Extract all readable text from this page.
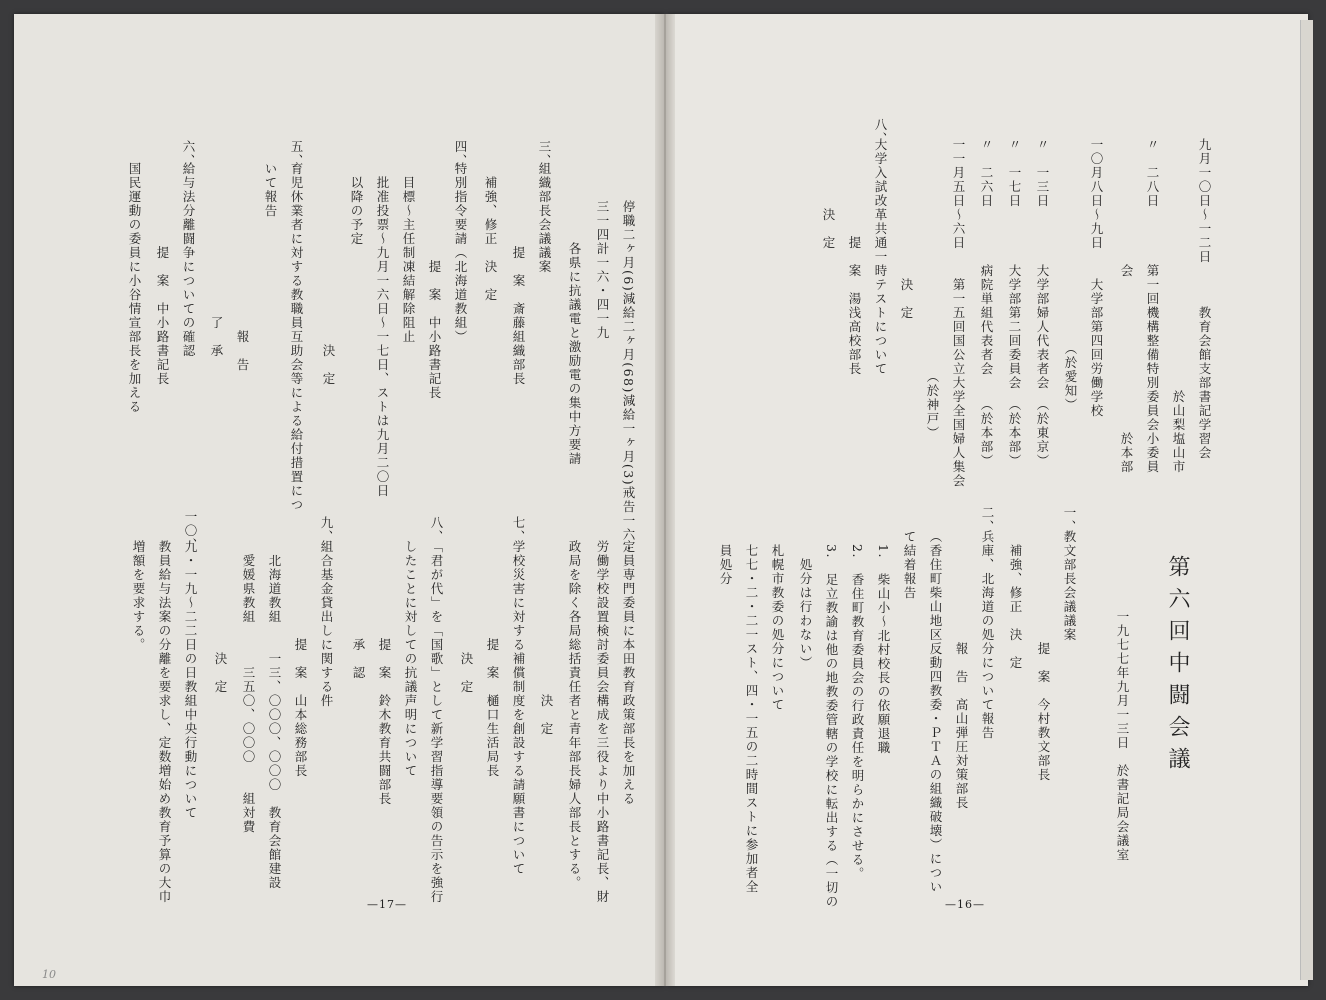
第六回中闘会議
一九七七年九月一三日　於書記局会議室
一、
教文部長会議議案
　　　　　　　　提　案　今村教文部長
　補強、修正　決　定
二、
兵庫、北海道の処分について報告
　　　　　　　　報　告　高山弾圧対策部長
（香住町柴山地区反動四教委・ＰＴＡの組織破壊）につい
て結着報告
　1.　柴山小～北村校長の依願退職
　2.　香住町教育委員会の行政責任を明らかにさせる。
　3.　足立教諭は他の地教委管轄の学校に転出する（一切の
　　処分は行わない）
　札幌市教委の処分について
　七七・二・二一スト、四・一五の二時間ストに参加者全
　員処分
九月一〇日～一二日　　　教育会館支部書記学習会
　　　　　　　　　　　　　　　　　　於山梨塩山市
〃　二八日　　　　第一回機構整備特別委員会小委員
　　　　　　　　　会　　　　　　　　　　　於本部
一〇月八日～九日　　大学部第四回労働学校
　　　　　　　　　　　　　　　（於愛知）
〃　一三日　　　　大学部婦人代表者会　（於東京）
〃　一七日　　　　大学部第二回委員会　（於本部）
〃　二六日　　　　病院単組代表者会　　（於本部）
一一月五日～六日　　第一五回国公立大学全国婦人集会
　　　　　　　　　　　　　　　　　（於神戸）
　　　　　　　　　　決　定
八、
大学入試改革共通一時テストについて
　　　　　　　提　案　湯浅高校部長
　　　　　決　定
—16—
　停職二ヶ月(6)減給二ヶ月(68)減給一ヶ月(3)戒告一六・
　三一四計一六・四一九
　　　　各県に抗議電と激励電の集中方要請
三、
組織部長会議議案
　　　　　　提　案　斎藤組織部長
　補強、修正　決　定
四、
特別指令要請（北海道教組）
　　　　　　　提　案　中小路書記長
　目標～主任制凍結解除阻止
　批准投票～九月一六日～一七日、ストは九月二〇日
　以降の予定
　　　　　　　　　　　　　決　定
五、
育児休業者に対する教職員互助会等による給付措置につ
いて報告
　　　　　　　　　　　　報　告
　　　　　　　　　　　了　承
六、
給与法分離闘争についての確認
　　　　　　提　案　中小路書記長
国民運動の委員に小谷情宣部長を加える
定員専門委員に本田教育政策部長を加える
労働学校設置検討委員会構成を三役より中小路書記長、財
政局を除く各局総括責任者と青年部長婦人部長とする。
　　　　　　　　　　　決　定
七、
学校災害に対する補償制度を創設する請願書について
　　　　　　　提　案　樋口生活局長
　　　　　　　　決　定
八、
「君が代」を「国歌」として新学習指導要領の告示を強行
したことに対しての抗議声明について
　　　　　　　提　案　鈴木教育共闘部長
　　　　　　　承　認
九、
組合基金貸出しに関する件
　　　　　　　提　案　山本総務部長
　北海道教組　　一三、〇〇〇、〇〇〇　教育会館建設
　愛媛県教組　　　三五〇、〇〇〇　　組対費
　　　　　　　　決　定
一〇、
九・一九～二二日の日教組中央行動について
教員給与法案の分離を要求し、定数増始め教育予算の大巾
増額を要求する。
—17—
10
